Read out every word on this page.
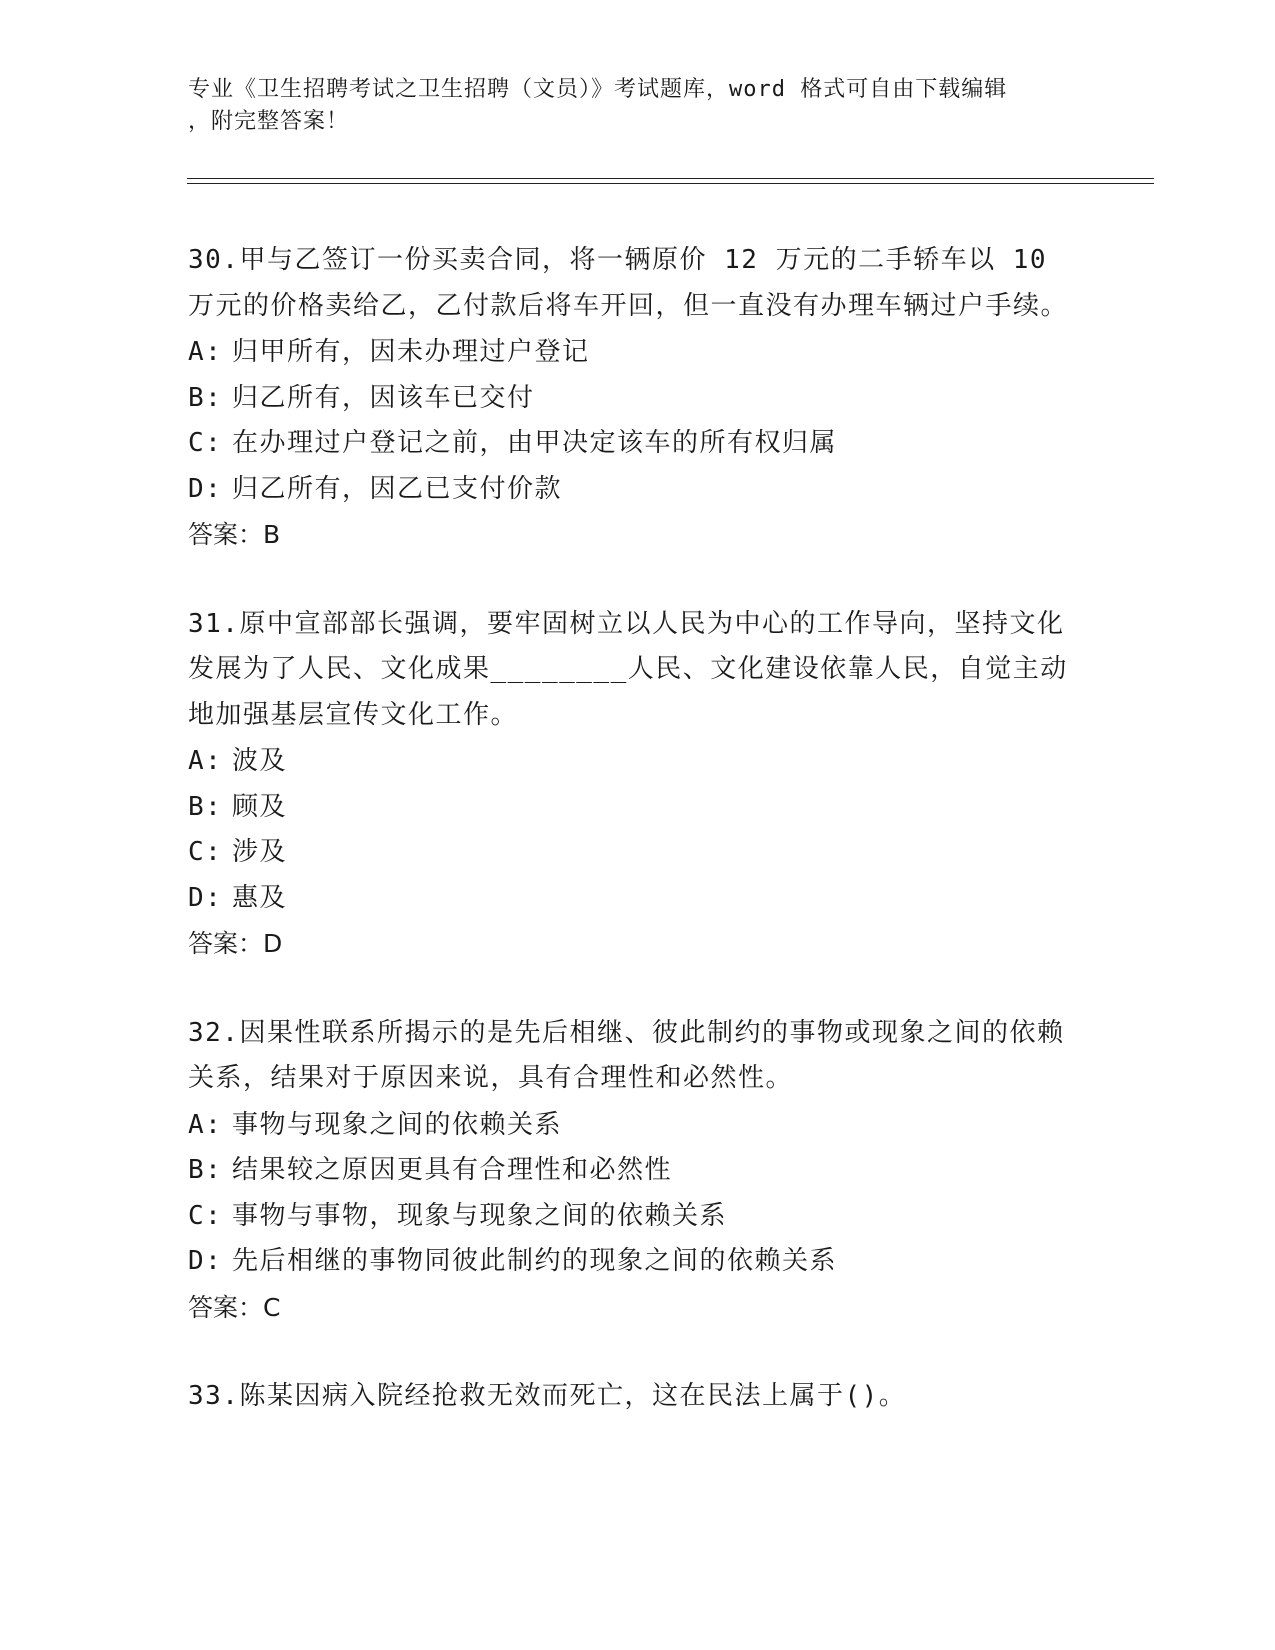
专业《卫生招聘考试之卫生招聘（文员）》考试题库，word 格式可自由下载编辑
，附完整答案！
30.甲与乙签订一份买卖合同，将一辆原价 12 万元的二手轿车以 10 万元的价格卖给乙，乙付款后将车开回，但一直没有办理车辆过户手续。
A: 归甲所有，因未办理过户登记
B: 归乙所有，因该车已交付
C: 在办理过户登记之前，由甲决定该车的所有权归属
D: 归乙所有，因乙已支付价款
答案：B
31.原中宣部部长强调，要牢固树立以人民为中心的工作导向，坚持文化发展为了人民、文化成果________人民、文化建设依靠人民，自觉主动地加强基层宣传文化工作。
A: 波及
B: 顾及
C: 涉及
D: 惠及
答案：D
32.因果性联系所揭示的是先后相继、彼此制约的事物或现象之间的依赖关系，结果对于原因来说，具有合理性和必然性。
A: 事物与现象之间的依赖关系
B: 结果较之原因更具有合理性和必然性
C: 事物与事物，现象与现象之间的依赖关系
D: 先后相继的事物同彼此制约的现象之间的依赖关系
答案：C
33.陈某因病入院经抢救无效而死亡，这在民法上属于()。
